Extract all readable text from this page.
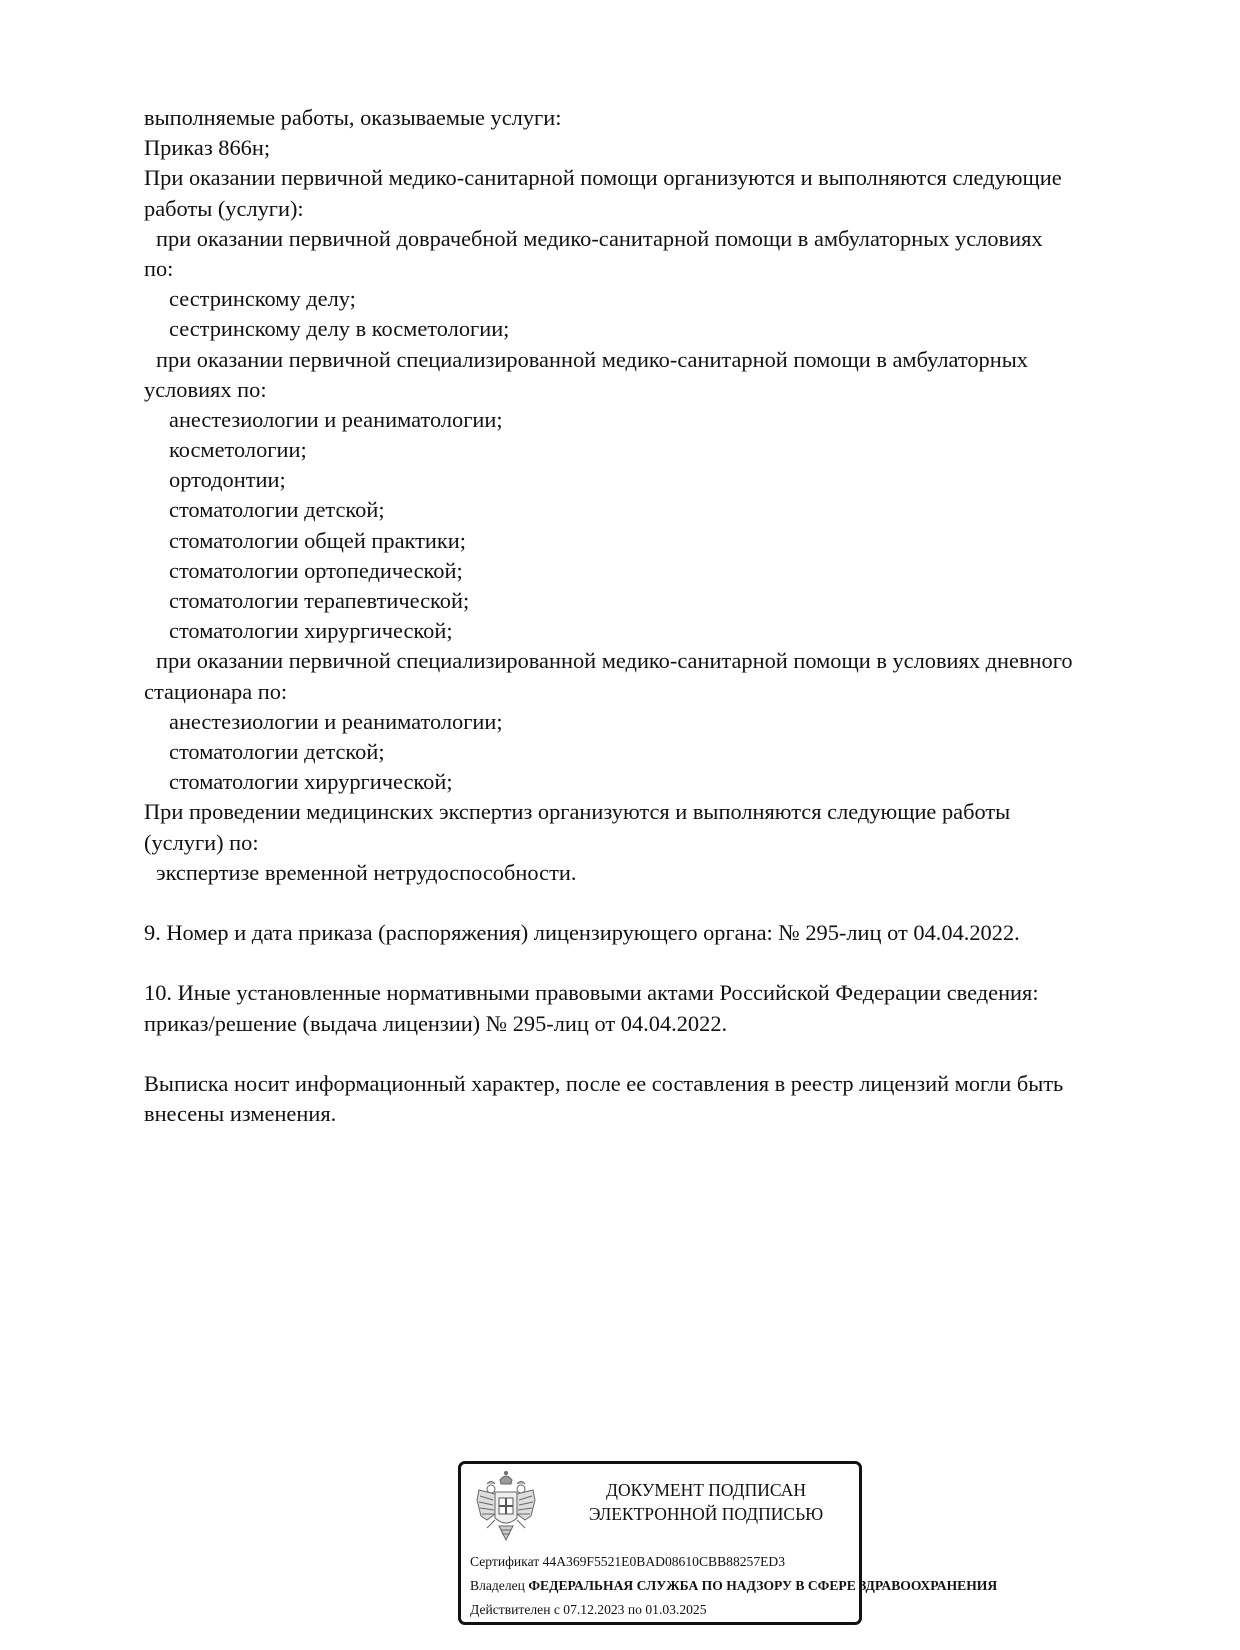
выполняемые работы, оказываемые услуги:
Приказ 866н;
При оказании первичной медико-санитарной помощи организуются и выполняются следующие
работы (услуги):
при оказании первичной доврачебной медико-санитарной помощи в амбулаторных условиях
по:
сестринскому делу;
сестринскому делу в косметологии;
при оказании первичной специализированной медико-санитарной помощи в амбулаторных
условиях по:
анестезиологии и реаниматологии;
косметологии;
ортодонтии;
стоматологии детской;
стоматологии общей практики;
стоматологии ортопедической;
стоматологии терапевтической;
стоматологии хирургической;
при оказании первичной специализированной медико-санитарной помощи в условиях дневного
стационара по:
анестезиологии и реаниматологии;
стоматологии детской;
стоматологии хирургической;
При проведении медицинских экспертиз организуются и выполняются следующие работы
(услуги) по:
экспертизе временной нетрудоспособности.
9. Номер и дата приказа (распоряжения) лицензирующего органа: № 295-лиц от 04.04.2022.
10. Иные установленные нормативными правовыми актами Российской Федерации сведения:
приказ/решение (выдача лицензии) № 295-лиц от 04.04.2022.
Выписка носит информационный характер, после ее составления в реестр лицензий могли быть
внесены изменения.
ДОКУМЕНТ ПОДПИСАН
ЭЛЕКТРОННОЙ ПОДПИСЬЮ
Сертификат 44A369F5521E0BAD08610CBB88257ED3
Владелец ФЕДЕРАЛЬНАЯ СЛУЖБА ПО НАДЗОРУ В СФЕРЕ ЗДРАВООХРАНЕНИЯ
Действителен с 07.12.2023 по 01.03.2025
